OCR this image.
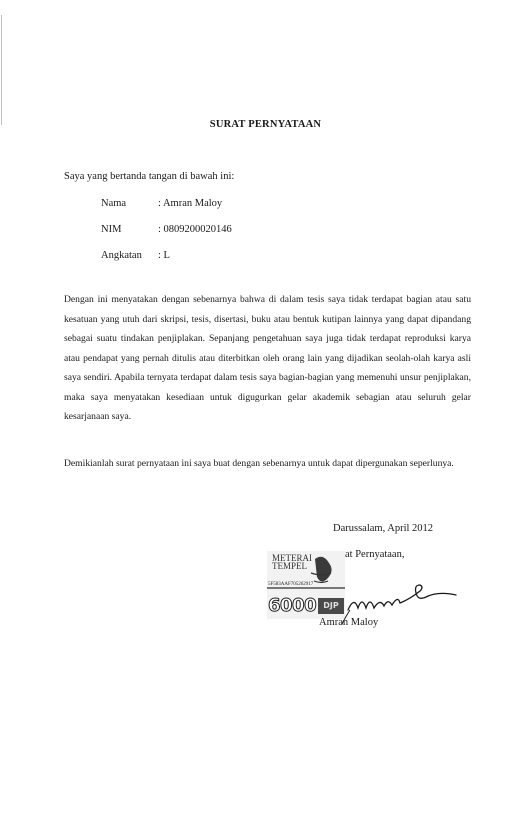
SURAT PERNYATAAN
Saya yang bertanda tangan di bawah ini:
Nama	: Amran Maloy
NIM	: 0809200020146
Angkatan : L
Dengan ini menyatakan dengan sebenarnya bahwa di dalam tesis saya tidak terdapat bagian atau satu kesatuan yang utuh dari skripsi, tesis, disertasi, buku atau bentuk kutipan lainnya yang dapat dipandang sebagai suatu tindakan penjiplakan. Sepanjang pengetahuan saya juga tidak terdapat reproduksi karya atau pendapat yang pernah ditulis atau diterbitkan oleh orang lain yang dijadikan seolah-olah karya asli saya sendiri. Apabila ternyata terdapat dalam tesis saya bagian-bagian yang memenuhi unsur penjiplakan, maka saya menyatakan kesediaan untuk digugurkan gelar akademik sebagian atau seluruh gelar kesarjanaan saya.
Demikianlah surat pernyataan ini saya buat dengan sebenarnya untuk dapat dipergunakan seperlunya.
Darussalam, April 2012
at Pernyataan,
METERAI TEMPEL
5F583AAF705262917
6000 DJP
Amran Maloy
